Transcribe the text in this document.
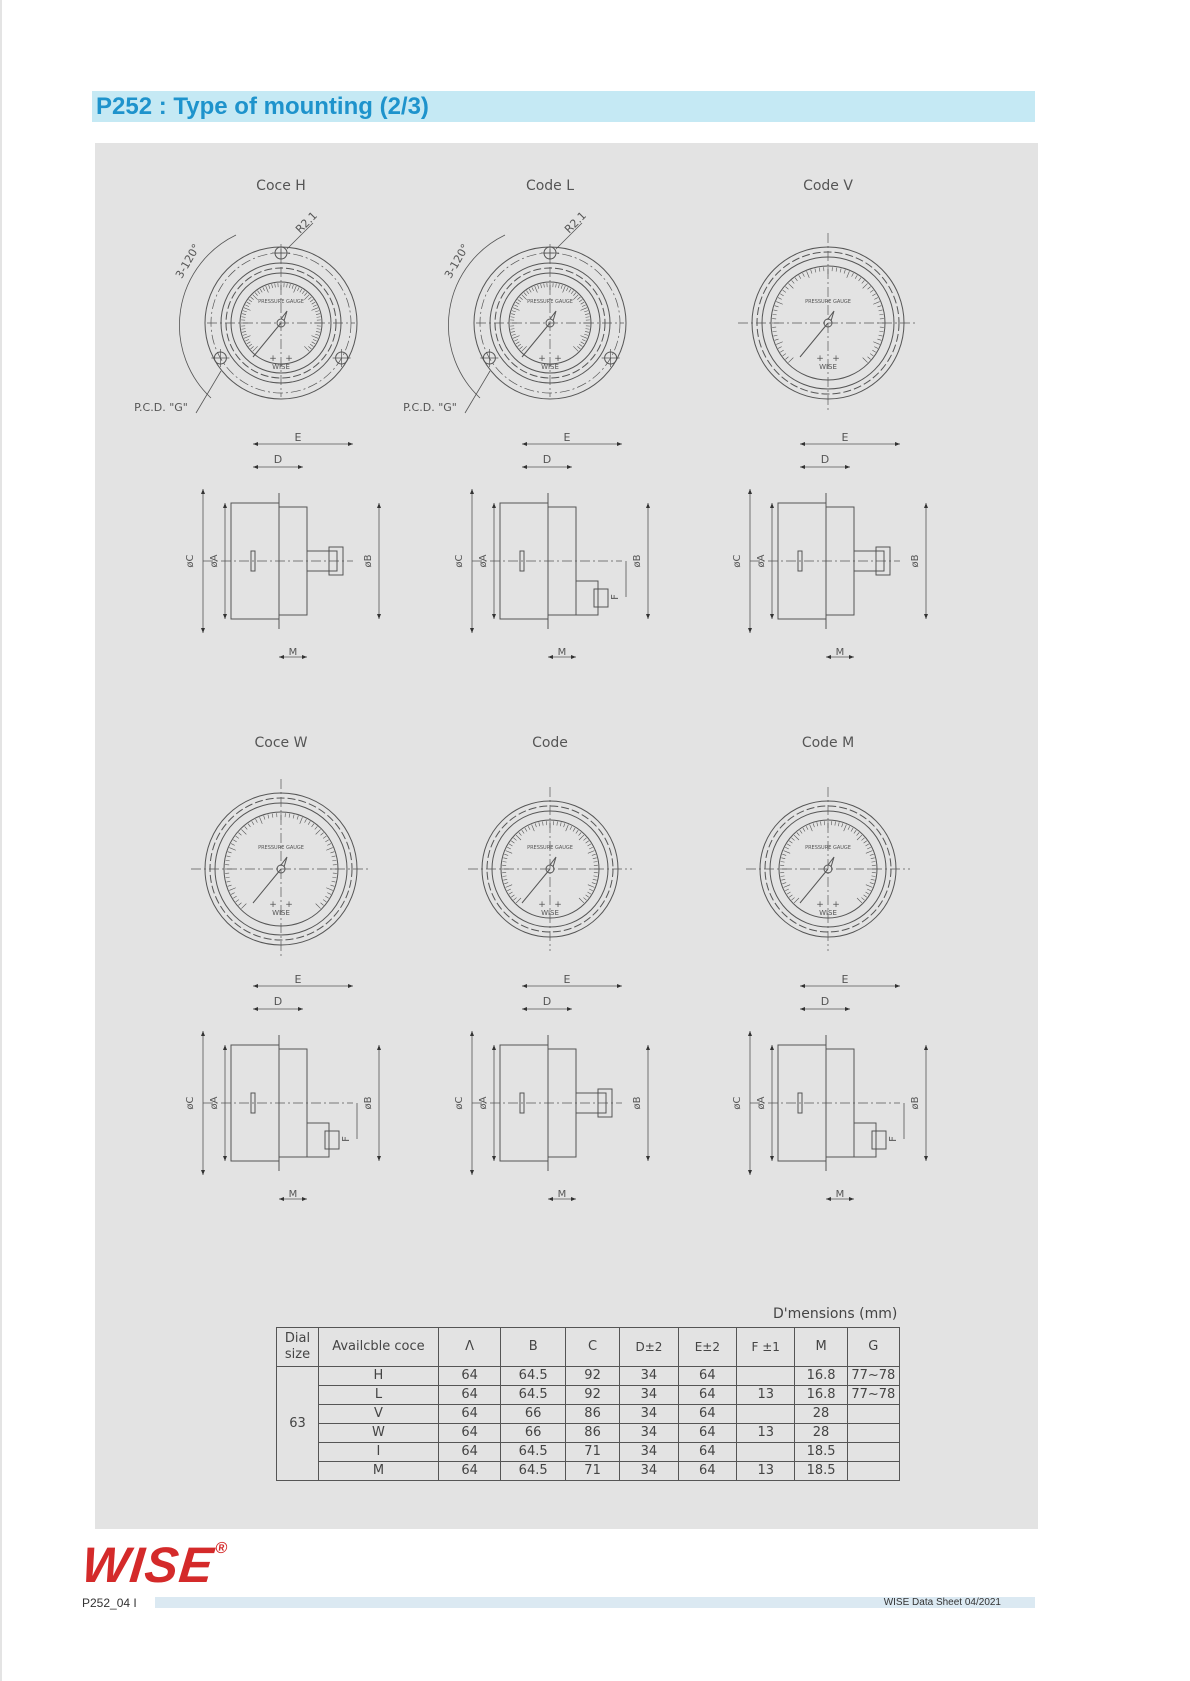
P252 : Type of mounting (2/3)
Coce H
PRESSURE GAUGE
WISE
+ +
3-120°
R2.1
P.C.D. "G"
E
D
øC øA	øB
M
Code L
PRESSURE GAUGE
WISE
+ +
3-120°
R2.1
P.C.D. "G"
E
D
øC øA	øB
M
F
Code V
PRESSURE GAUGE
WISE
+ +
E
D
øC øA	øB
M
Coce W
PRESSURE GAUGE
WISE
+ +
E
D
øC øA	øB
M
F
Code
PRESSURE GAUGE
WISE
+ +
E
D
øC øA	øB
M
Code M
PRESSURE GAUGE
WISE
+ +
E
D
øC øA	øB
M
F
D'mensions (mm)
Dial size	Availcble coce	Λ	B	C	D±2	E±2	F ±1	M	G
63	H	64	64.5	92	34	64		16.8	77~78
	L	64	64.5	92	34	64	13	16.8	77~78
	V	64	66	86	34	64		28	
	W	64	66	86	34	64	13	28	
	I	64	64.5	71	34	64		18.5	
	M	64	64.5	71	34	64	13	18.5	
WISE®
P252_04 I	WISE Data Sheet 04/2021
